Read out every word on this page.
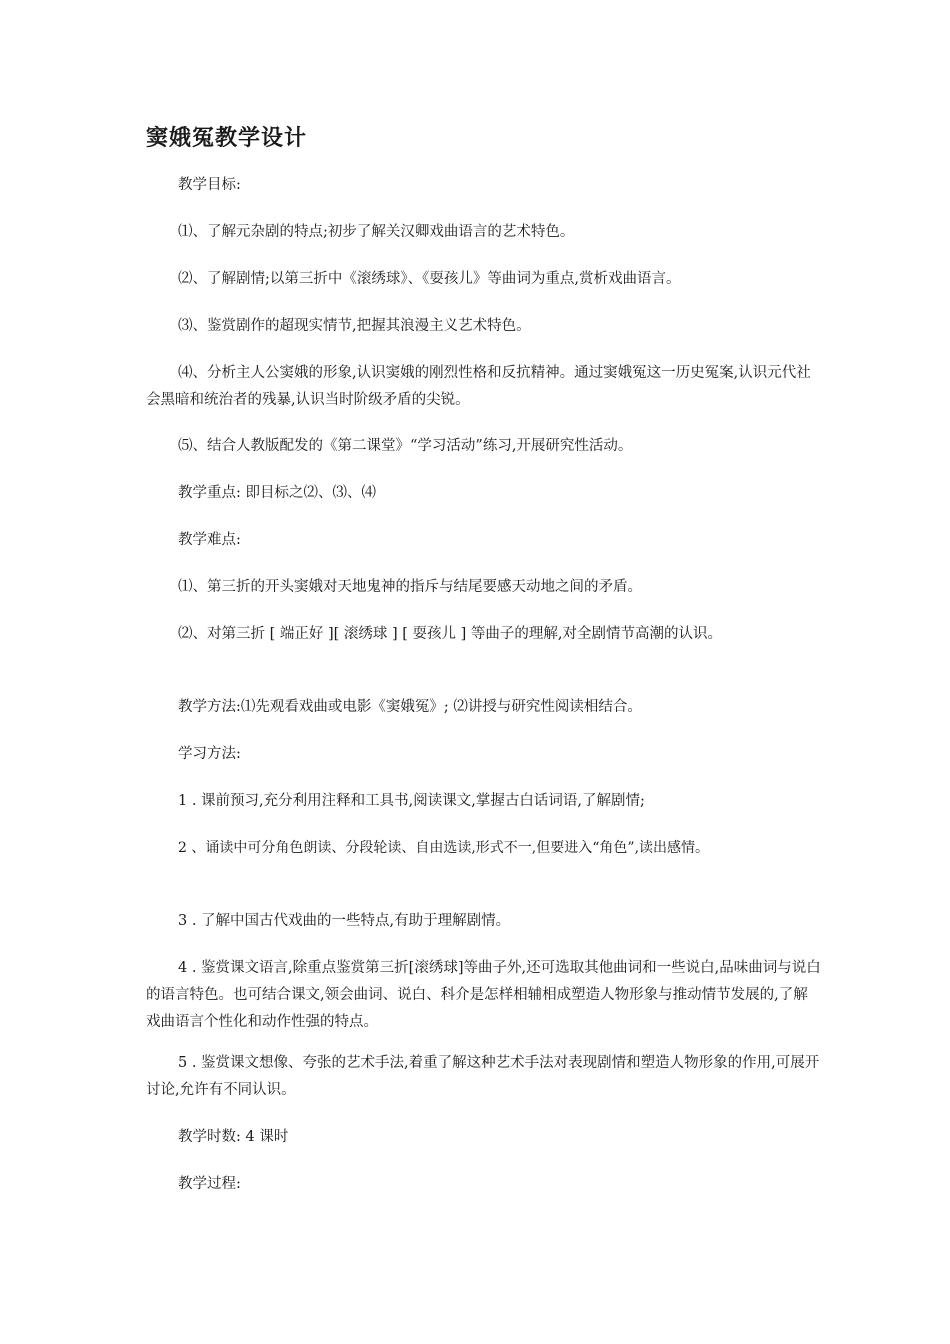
窦娥冤教学设计

教学目标:

⑴、了解元杂剧的特点;初步了解关汉卿戏曲语言的艺术特色。

⑵、了解剧情;以第三折中《滚绣球》、《耍孩儿》等曲词为重点,赏析戏曲语言。

⑶、鉴赏剧作的超现实情节,把握其浪漫主义艺术特色。

⑷、分析主人公窦娥的形象,认识窦娥的刚烈性格和反抗精神。通过窦娥冤这一历史冤案,认识元代社会黑暗和统治者的残暴,认识当时阶级矛盾的尖锐。

⑸、结合人教版配发的《第二课堂》“学习活动”练习,开展研究性活动。

教学重点: 即目标之⑵、⑶、⑷

教学难点:

⑴、第三折的开头窦娥对天地鬼神的指斥与结尾要感天动地之间的矛盾。

⑵、对第三折 [ 端正好 ][ 滚绣球 ] [ 耍孩儿 ] 等曲子的理解,对全剧情节高潮的认识。

教学方法:⑴先观看戏曲或电影《窦娥冤》; ⑵讲授与研究性阅读相结合。

学习方法:

1 . 课前预习,充分利用注释和工具书,阅读课文,掌握古白话词语,了解剧情;

2 、诵读中可分角色朗读、分段轮读、自由选读,形式不一,但要进入“角色”,读出感情。

3 . 了解中国古代戏曲的一些特点,有助于理解剧情。

4 . 鉴赏课文语言,除重点鉴赏第三折[滚绣球]等曲子外,还可选取其他曲词和一些说白,品味曲词与说白的语言特色。也可结合课文,领会曲词、说白、科介是怎样相辅相成塑造人物形象与推动情节发展的,了解戏曲语言个性化和动作性强的特点。

5 . 鉴赏课文想像、夸张的艺术手法,着重了解这种艺术手法对表现剧情和塑造人物形象的作用,可展开讨论,允许有不同认识。

教学时数: 4 课时

教学过程:
